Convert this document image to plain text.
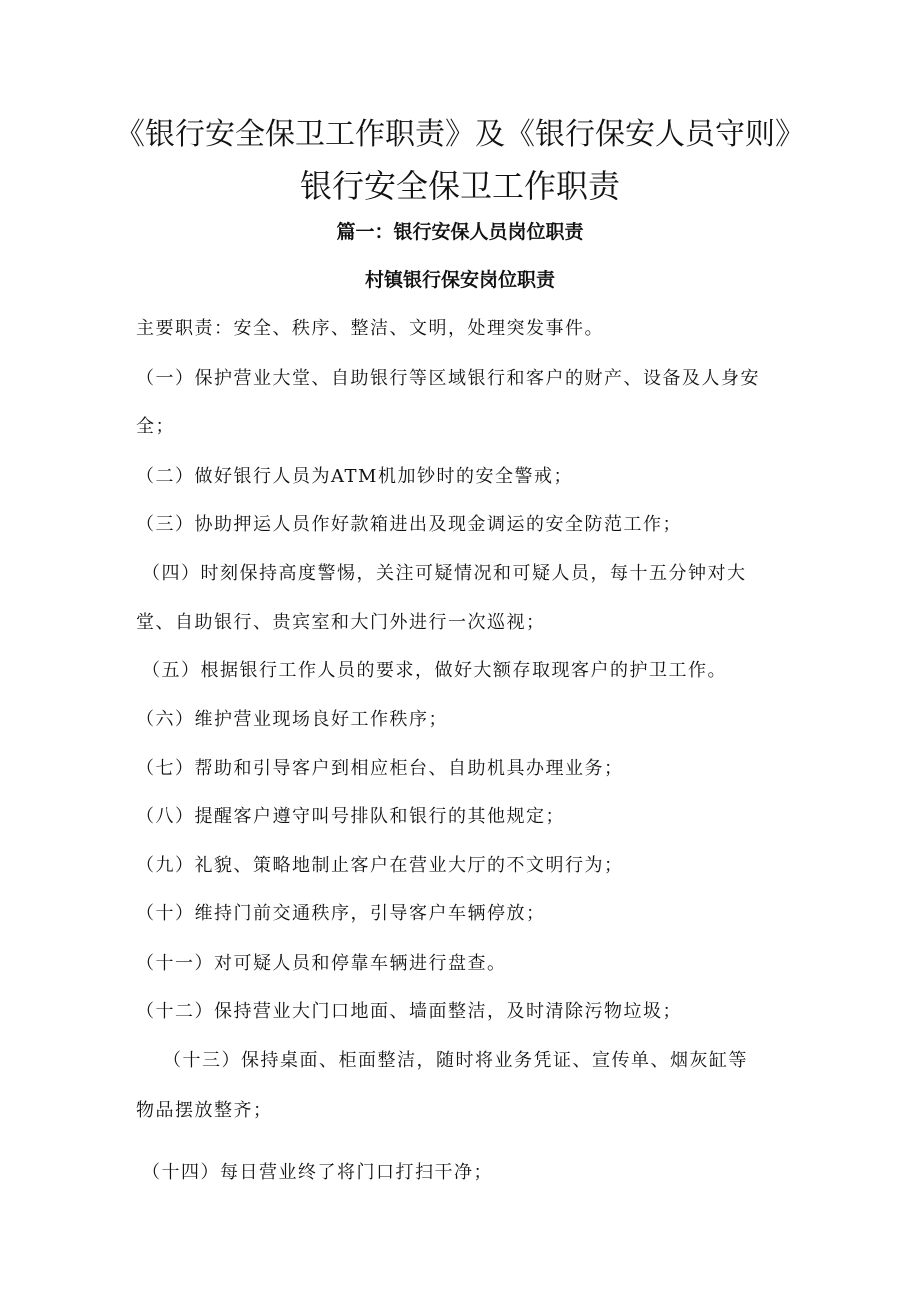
《银行安全保卫工作职责》及《银行保安人员守则》
银行安全保卫工作职责
篇一：银行安保人员岗位职责
村镇银行保安岗位职责
主要职责：安全、秩序、整洁、文明，处理突发事件。
（一）保护营业大堂、自助银行等区域银行和客户的财产、设备及人身安
全；
（二）做好银行人员为ATM机加钞时的安全警戒；
（三）协助押运人员作好款箱进出及现金调运的安全防范工作；
（四）时刻保持高度警惕，关注可疑情况和可疑人员，每十五分钟对大
堂、自助银行、贵宾室和大门外进行一次巡视；
（五）根据银行工作人员的要求，做好大额存取现客户的护卫工作。
（六）维护营业现场良好工作秩序；
（七）帮助和引导客户到相应柜台、自助机具办理业务；
（八）提醒客户遵守叫号排队和银行的其他规定；
（九）礼貌、策略地制止客户在营业大厅的不文明行为；
（十）维持门前交通秩序，引导客户车辆停放；
（十一）对可疑人员和停靠车辆进行盘查。
（十二）保持营业大门口地面、墙面整洁，及时清除污物垃圾；
（十三）保持桌面、柜面整洁，随时将业务凭证、宣传单、烟灰缸等
物品摆放整齐；
（十四）每日营业终了将门口打扫干净；
